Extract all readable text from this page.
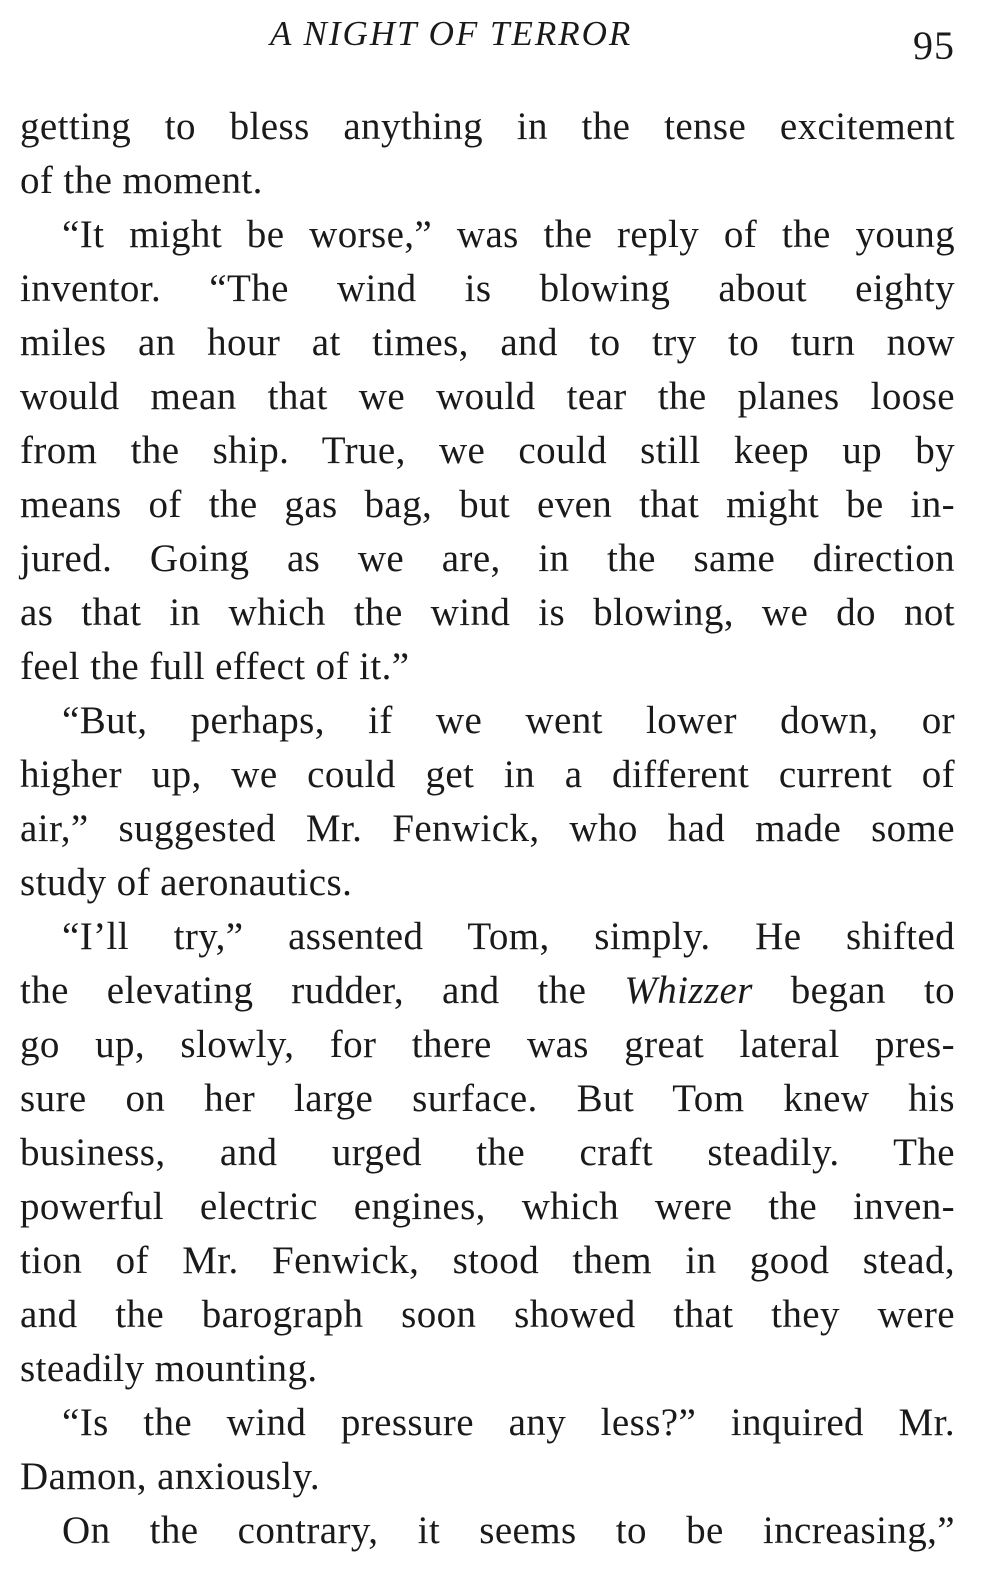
A NIGHT OF TERROR	95
getting to bless anything in the tense excitement
of the moment.
“It might be worse,” was the reply of the young
inventor. “The wind is blowing about eighty
miles an hour at times, and to try to turn now
would mean that we would tear the planes loose
from the ship. True, we could still keep up by
means of the gas bag, but even that might be in-
jured. Going as we are, in the same direction
as that in which the wind is blowing, we do not
feel the full effect of it.”
“But, perhaps, if we went lower down, or
higher up, we could get in a different current of
air,” suggested Mr. Fenwick, who had made some
study of aeronautics.
“I’ll try,” assented Tom, simply. He shifted
the elevating rudder, and the Whizzer began to
go up, slowly, for there was great lateral pres-
sure on her large surface. But Tom knew his
business, and urged the craft steadily. The
powerful electric engines, which were the inven-
tion of Mr. Fenwick, stood them in good stead,
and the barograph soon showed that they were
steadily mounting.
“Is the wind pressure any less?” inquired Mr.
Damon, anxiously.
On the contrary, it seems to be increasing,”
